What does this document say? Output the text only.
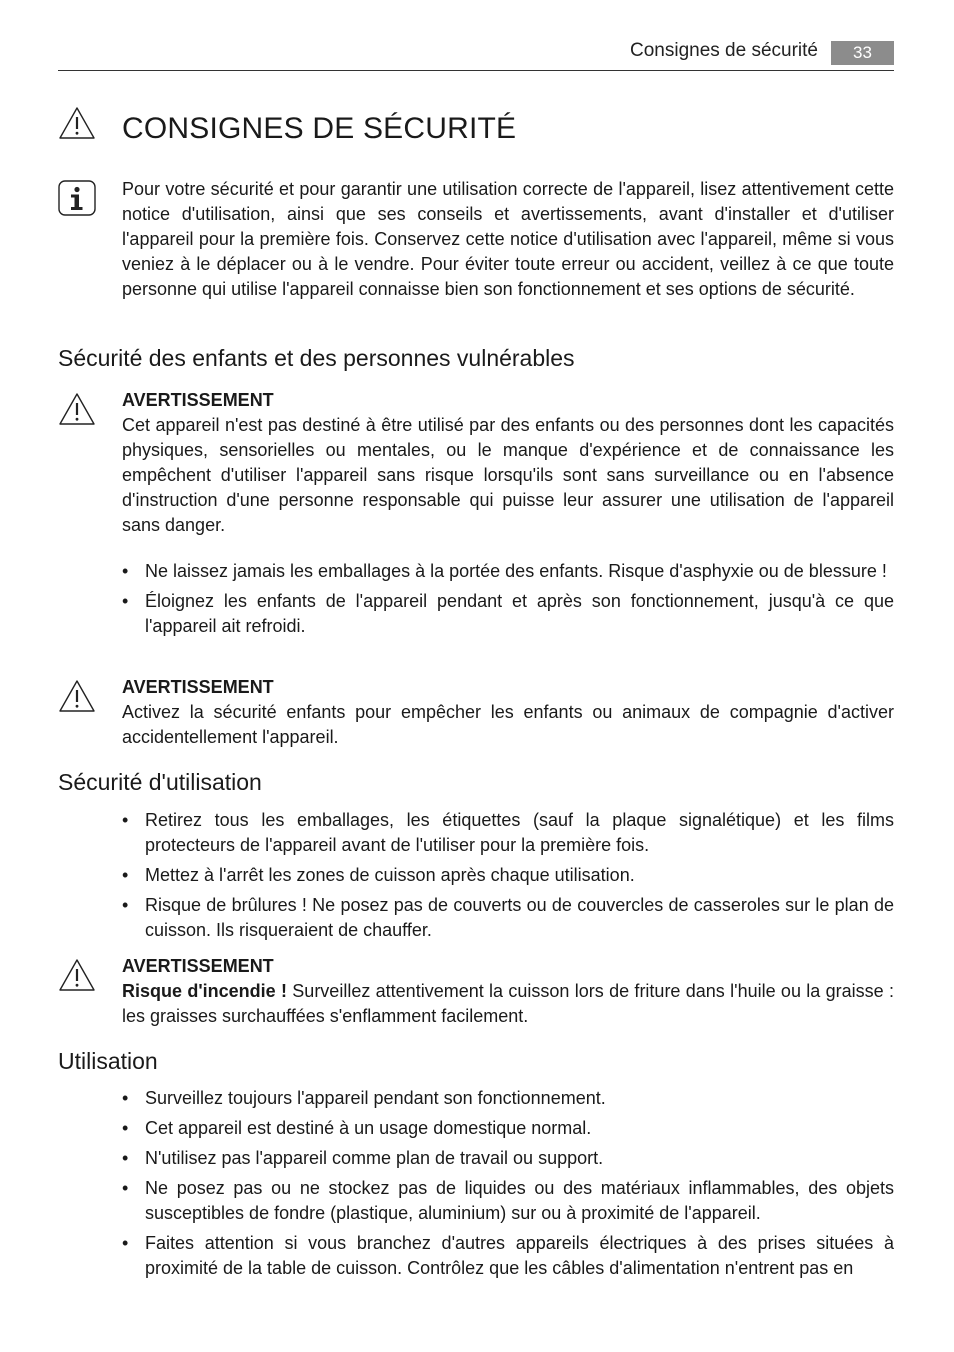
Consignes de sécurité	33
CONSIGNES DE SÉCURITÉ

Pour votre sécurité et pour garantir une utilisation correcte de l'appareil, lisez attentivement cette notice d'utilisation, ainsi que ses conseils et avertissements, avant d'installer et d'utiliser l'appareil pour la première fois. Conservez cette notice d'utilisation avec l'appareil, même si vous veniez à le déplacer ou à le vendre. Pour éviter toute erreur ou accident, veillez à ce que toute personne qui utilise l'appareil connaisse bien son fonctionnement et ses options de sécurité.

Sécurité des enfants et des personnes vulnérables
AVERTISSEMENT
Cet appareil n'est pas destiné à être utilisé par des enfants ou des personnes dont les capacités physiques, sensorielles ou mentales, ou le manque d'expérience et de connaissance les empêchent d'utiliser l'appareil sans risque lorsqu'ils sont sans surveillance ou en l'absence d'instruction d'une personne responsable qui puisse leur assurer une utilisation de l'appareil sans danger.
• Ne laissez jamais les emballages à la portée des enfants. Risque d'asphyxie ou de blessure !
• Éloignez les enfants de l'appareil pendant et après son fonctionnement, jusqu'à ce que l'appareil ait refroidi.
AVERTISSEMENT
Activez la sécurité enfants pour empêcher les enfants ou animaux de compagnie d'activer accidentellement l'appareil.
Sécurité d'utilisation
• Retirez tous les emballages, les étiquettes (sauf la plaque signalétique) et les films protecteurs de l'appareil avant de l'utiliser pour la première fois.
• Mettez à l'arrêt les zones de cuisson après chaque utilisation.
• Risque de brûlures ! Ne posez pas de couverts ou de couvercles de casseroles sur le plan de cuisson. Ils risqueraient de chauffer.
AVERTISSEMENT
Risque d'incendie ! Surveillez attentivement la cuisson lors de friture dans l'huile ou la graisse : les graisses surchauffées s'enflamment facilement.
Utilisation
• Surveillez toujours l'appareil pendant son fonctionnement.
• Cet appareil est destiné à un usage domestique normal.
• N'utilisez pas l'appareil comme plan de travail ou support.
• Ne posez pas ou ne stockez pas de liquides ou des matériaux inflammables, des objets susceptibles de fondre (plastique, aluminium) sur ou à proximité de l'appareil.
• Faites attention si vous branchez d'autres appareils électriques à des prises situées à proximité de la table de cuisson. Contrôlez que les câbles d'alimentation n'entrent pas en
